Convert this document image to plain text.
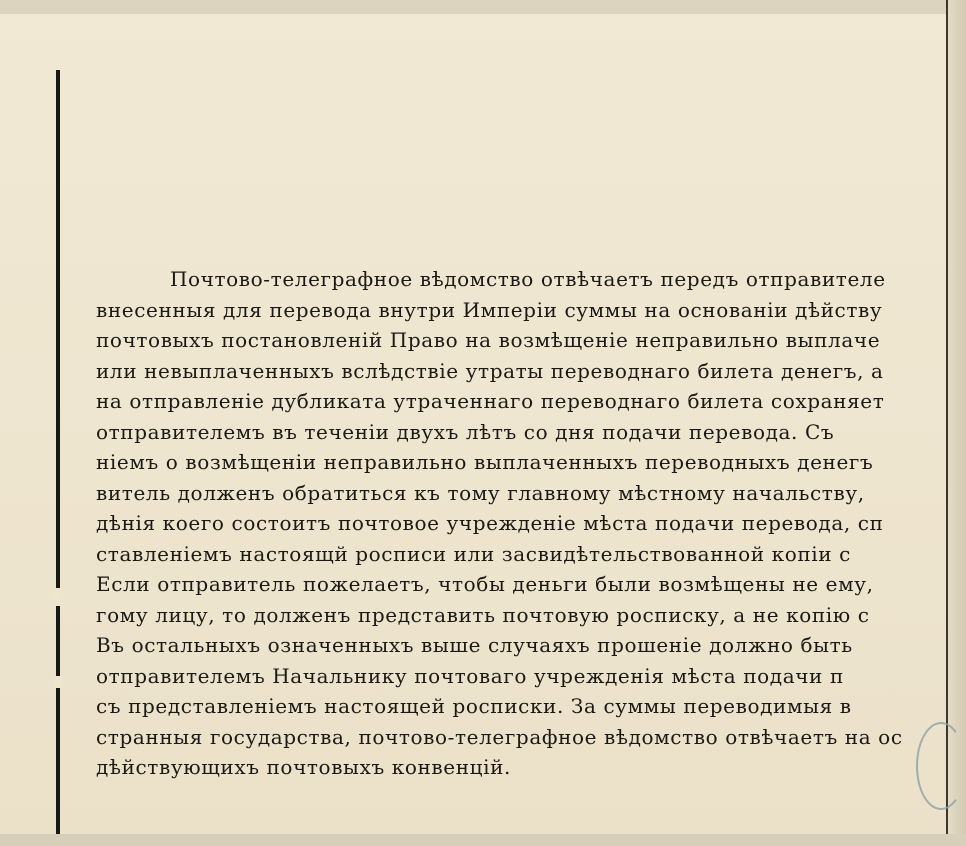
Почтово-телеграфное вѣдомство отвѣчаетъ передъ отправителе
внесенныя для перевода внутри Имперіи суммы на основаніи дѣйству
почтовыхъ постановленій Право на возмѣщеніе неправильно выплаче
или невыплаченныхъ вслѣдствіе утраты переводнаго билета денегъ, а
на отправленіе дубликата утраченнаго переводнаго билета сохраняет
отправителемъ въ теченіи двухъ лѣтъ со дня подачи перевода. Съ
ніемъ о возмѣщеніи неправильно выплаченныхъ переводныхъ денегъ
витель долженъ обратиться къ тому главному мѣстному начальству,
дѣнія коего состоитъ почтовое учрежденіе мѣста подачи перевода, сп
ставленіемъ настоящ͏й росписи или засвидѣтельствованной копіи с
Если отправитель пожелаетъ, чтобы деньги были возмѣщены не ему,
гому лицу, то долженъ представить почтовую росписку, а не копію с
Въ остальныхъ означенныхъ выше случаяхъ прошеніе должно быть
отправителемъ Начальнику почтоваго учрежденія мѣста подачи п
съ представленіемъ настоящей росписки. За суммы переводимыя в
странныя государства, почтово-телеграфное вѣдомство отвѣчаетъ на ос
дѣйствующихъ почтовыхъ конвенцій.
